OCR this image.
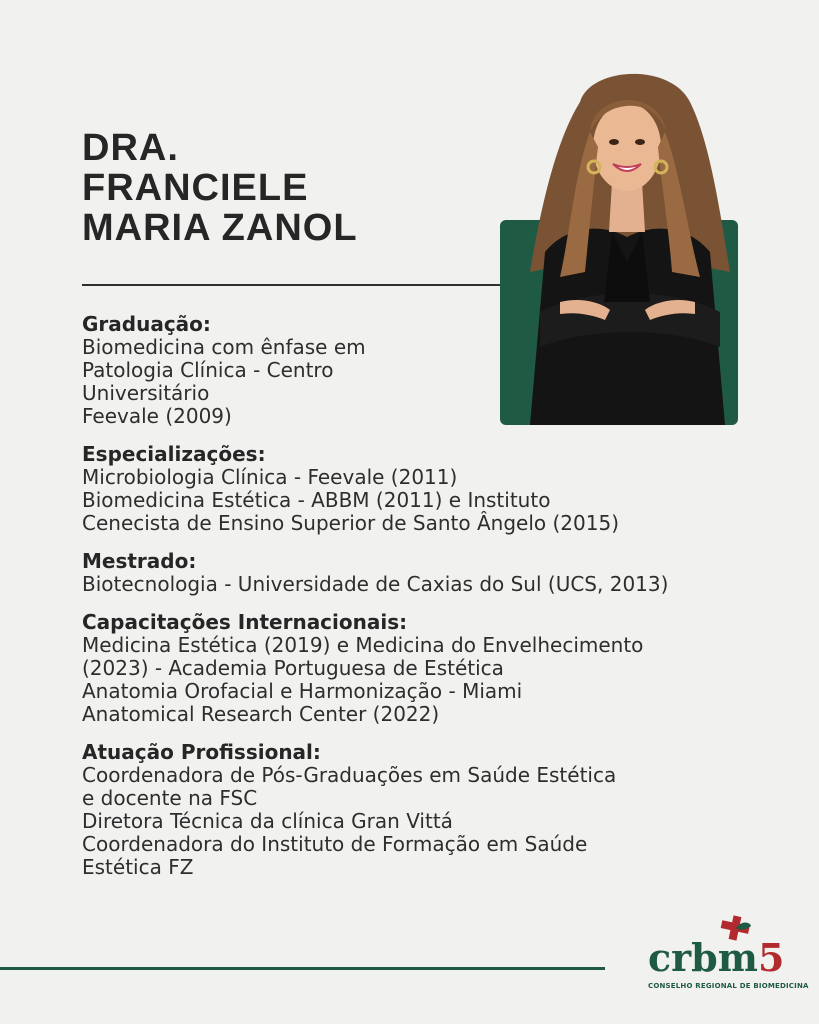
DRA.
FRANCIELE
MARIA ZANOL
Graduação:
Biomedicina com ênfase em
Patologia Clínica - Centro
Universitário
Feevale (2009)
Especializações:
Microbiologia Clínica - Feevale (2011)
Biomedicina Estética - ABBM (2011) e Instituto
Cenecista de Ensino Superior de Santo Ângelo (2015)
Mestrado:
Biotecnologia - Universidade de Caxias do Sul (UCS, 2013)
Capacitações Internacionais:
Medicina Estética (2019) e Medicina do Envelhecimento
(2023) - Academia Portuguesa de Estética
Anatomia Orofacial e Harmonização - Miami
Anatomical Research Center (2022)
Atuação Profissional:
Coordenadora de Pós-Graduações em Saúde Estética
e docente na FSC
Diretora Técnica da clínica Gran Vittá
Coordenadora do Instituto de Formação em Saúde
Estética FZ
crbm5
CONSELHO REGIONAL DE BIOMEDICINA
